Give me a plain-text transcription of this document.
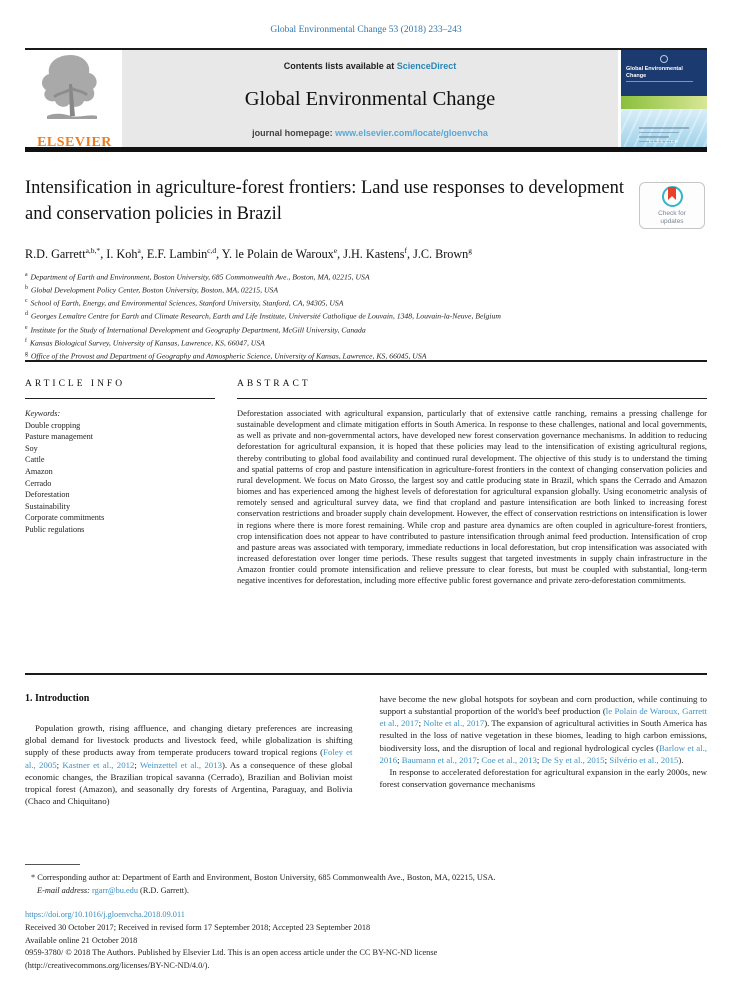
Global Environmental Change 53 (2018) 233–243
ELSEVIER
Contents lists available at ScienceDirect
Global Environmental Change
journal homepage: www.elsevier.com/locate/gloenvcha
Global Environmental Change
ELSEVIER
Intensification in agriculture-forest frontiers: Land use responses to development and conservation policies in Brazil	Check for
updates
R.D. Garrett$^{a,b,*}$, I. Koh$^a$, E.F. Lambin$^{c,d}$, Y. le Polain de Waroux$^e$, J.H. Kastens$^f$, J.C. Brown$^g$
$^a$ Department of Earth and Environment, Boston University, 685 Commonwealth Ave., Boston, MA, 02215, USA
$^b$ Global Development Policy Center, Boston University, Boston, MA, 02215, USA
$^c$ School of Earth, Energy, and Environmental Sciences, Stanford University, Stanford, CA, 94305, USA
$^d$ Georges Lemaître Centre for Earth and Climate Research, Earth and Life Institute, Université Catholique de Louvain, 1348, Louvain-la-Neuve, Belgium
$^e$ Institute for the Study of International Development and Geography Department, McGill University, Canada
$^f$ Kansas Biological Survey, University of Kansas, Lawrence, KS, 66047, USA
$^g$ Office of the Provost and Department of Geography and Atmospheric Science, University of Kansas, Lawrence, KS, 66045, USA
ARTICLE INFO
Keywords:
Double cropping
Pasture management
Soy
Cattle
Amazon
Cerrado
Deforestation
Sustainability
Corporate commitments
Public regulations
ABSTRACT
Deforestation associated with agricultural expansion, particularly that of extensive cattle ranching, remains a pressing challenge for sustainable development and climate mitigation efforts in South America. In response to these challenges, national and local governments, as well as private and non-governmental actors, have developed new forest conservation governance mechanisms. In addition to reducing deforestation for agricultural expansion, it is hoped that these policies may lead to the intensification of existing agricultural regions, thereby contributing to global food availability and continued rural development. The objective of this study is to understand the timing and spatial patterns of crop and pasture intensification in agriculture-forest frontiers in the context of changing conservation policies and rural development. We focus on Mato Grosso, the largest soy and cattle producing state in Brazil, which spans the Cerrado and Amazon biomes and has experienced among the highest levels of deforestation for agricultural expansion globally. Using econometric analysis of remotely sensed and agricultural survey data, we find that cropland and pasture intensification are both linked to increasing forest conservation restrictions and broader supply chain development. However, the effect of conservation restrictions on intensification is lower in regions where there is more forest remaining. While crop and pasture area dynamics are often coupled in agriculture-forest frontiers, crop intensification does not appear to have contributed to pasture intensification through animal feed production. Intensification of crop and pasture areas was associated with temporary, immediate reductions in local deforestation, but crop intensification was associated with increased deforestation over longer time periods. These results suggest that targeted investments in supply chain infrastructure in the Amazon frontier could promote intensification and relieve pressure to clear forests, but must be coupled with substantial, long-term negative incentives for deforestation, including more effective public forest governance and private zero-deforestation commitments.
1. Introduction

Population growth, rising affluence, and changing dietary preferences are increasing global demand for livestock products and livestock feed, while globalization is shifting supply of these products away from temperate producers toward tropical regions (Foley et al., 2005; Kastner et al., 2012; Weinzettel et al., 2013). As a consequence of these global economic changes, the Brazilian tropical savanna (Cerrado), Brazilian and Bolivian moist tropical forest (Amazon), and seasonally dry forests of Argentina, Paraguay, and Bolivia (Chaco and Chiquitano)

have become the new global hotspots for soybean and corn production, while continuing to support a substantial proportion of the world's beef production (le Polain de Waroux, Garrett et al., 2017; Nolte et al., 2017). The expansion of agricultural activities in South America has resulted in the loss of native vegetation in these biomes, leading to high carbon emissions, biodiversity loss, and the disruption of local and regional hydrological cycles (Barlow et al., 2016; Baumann et al., 2017; Coe et al., 2013; De Sy et al., 2015; Silvério et al., 2015).

In response to accelerated deforestation for agricultural expansion in the early 2000s, new forest conservation governance mechanisms

* Corresponding author at: Department of Earth and Environment, Boston University, 685 Commonwealth Ave., Boston, MA, 02215, USA.

E-mail address: rgarr@bu.edu (R.D. Garrett).

https://doi.org/10.1016/j.gloenvcha.2018.09.011

Received 30 October 2017; Received in revised form 17 September 2018; Accepted 23 September 2018

Available online 21 October 2018

0959-3780/ © 2018 The Authors. Published by Elsevier Ltd. This is an open access article under the CC BY-NC-ND license

(http://creativecommons.org/licenses/BY-NC-ND/4.0/).
